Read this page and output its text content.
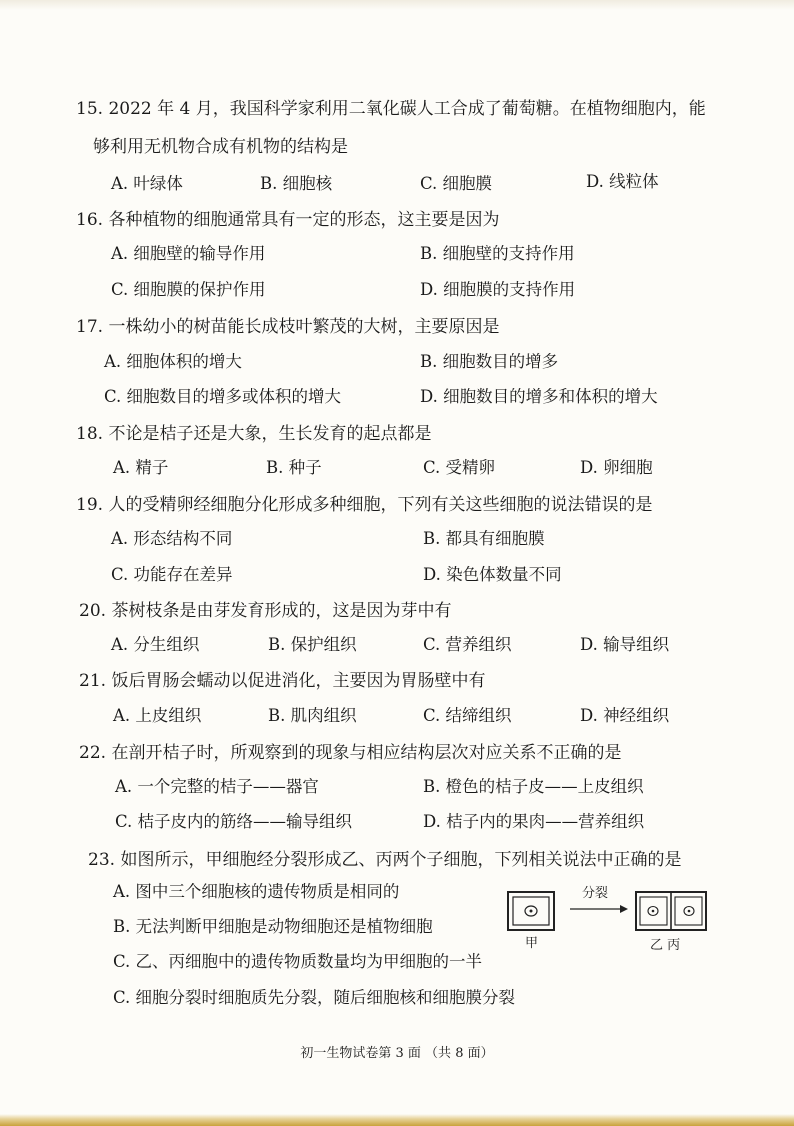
15. 2022 年 4 月，我国科学家利用二氧化碳人工合成了葡萄糖。在植物细胞内，能
够利用无机物合成有机物的结构是
A. 叶绿体	B. 细胞核	C. 细胞膜	D. 线粒体
16. 各种植物的细胞通常具有一定的形态，这主要是因为
A. 细胞壁的输导作用	B. 细胞壁的支持作用
C. 细胞膜的保护作用	D. 细胞膜的支持作用
17. 一株幼小的树苗能长成枝叶繁茂的大树，主要原因是
A. 细胞体积的增大	B. 细胞数目的增多
C. 细胞数目的增多或体积的增大	D. 细胞数目的增多和体积的增大
18. 不论是桔子还是大象，生长发育的起点都是
A. 精子	B. 种子	C. 受精卵	D. 卵细胞
19. 人的受精卵经细胞分化形成多种细胞，下列有关这些细胞的说法错误的是
A. 形态结构不同	B. 都具有细胞膜
C. 功能存在差异	D. 染色体数量不同
20. 茶树枝条是由芽发育形成的，这是因为芽中有
A. 分生组织	B. 保护组织	C. 营养组织	D. 输导组织
21. 饭后胃肠会蠕动以促进消化，主要因为胃肠壁中有
A. 上皮组织	B. 肌肉组织	C. 结缔组织	D. 神经组织
22. 在剖开桔子时，所观察到的现象与相应结构层次对应关系不正确的是
A. 一个完整的桔子——器官	B. 橙色的桔子皮——上皮组织
C. 桔子皮内的筋络——输导组织	D. 桔子内的果肉——营养组织
23. 如图所示，甲细胞经分裂形成乙、丙两个子细胞，下列相关说法中正确的是
A. 图中三个细胞核的遗传物质是相同的
B. 无法判断甲细胞是动物细胞还是植物细胞
C. 乙、丙细胞中的遗传物质数量均为甲细胞的一半
C. 细胞分裂时细胞质先分裂，随后细胞核和细胞膜分裂
分裂
甲	乙 丙
初一生物试卷第 3 面 （共 8 面）
